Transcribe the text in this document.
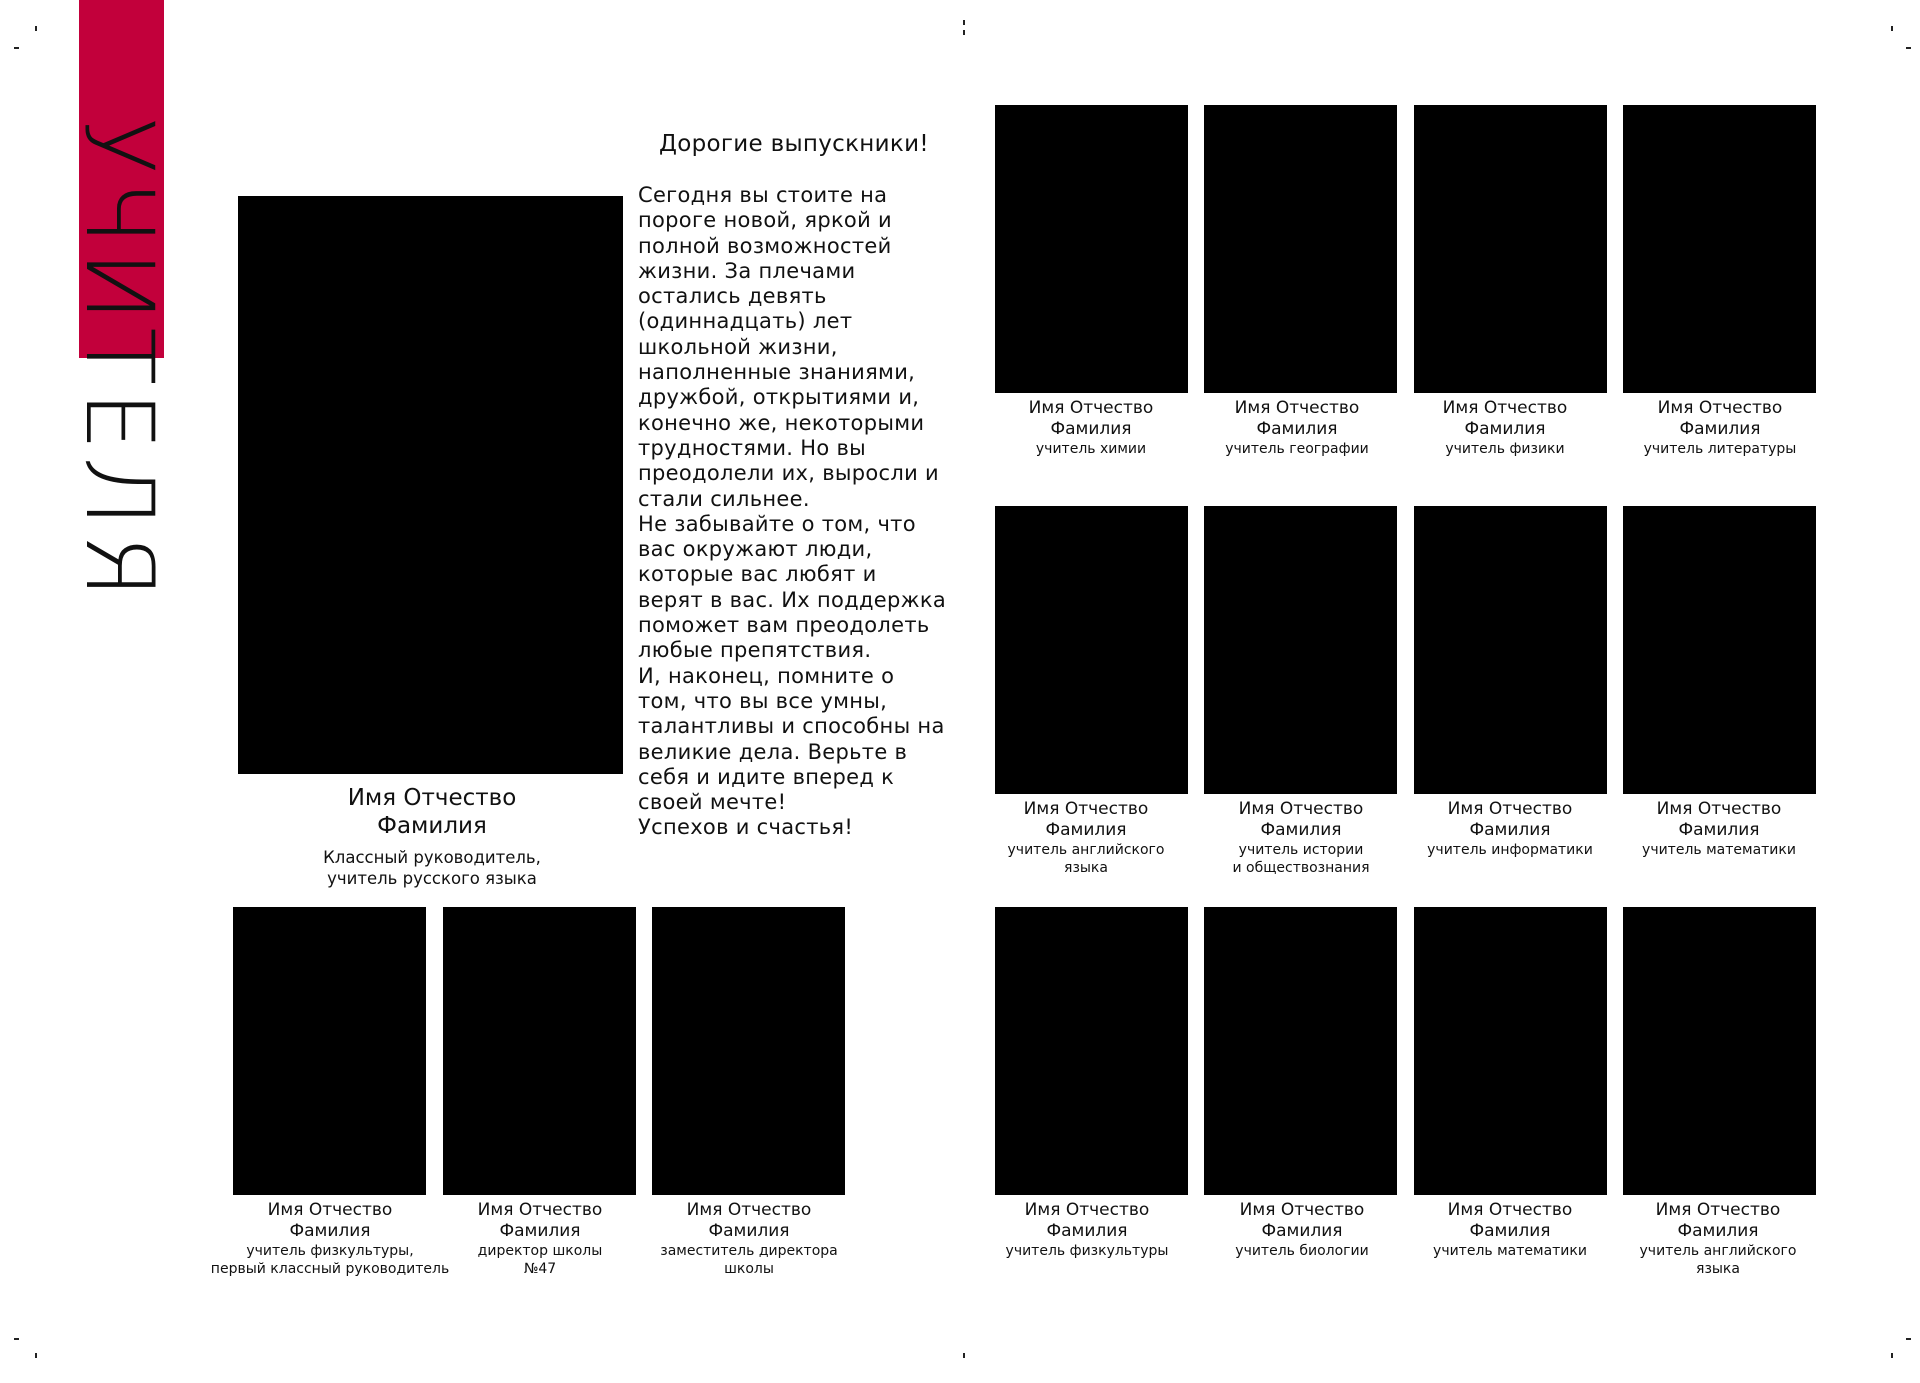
УЧИТЕЛЯ
Имя Отчество
Фамилия
Классный руководитель,
учитель русского языка
Дорогие выпускники!

Сегодня вы стоите на пороге новой, яркой и полной возможностей жизни. За плечами остались девять (одиннадцать) лет школьной жизни, наполненные знаниями, дружбой, открытиями и, конечно же, некоторыми трудностями. Но вы преодолели их, выросли и стали сильнее.

Не забывайте о том, что вас окружают люди, которые вас любят и верят в вас. Их поддержка поможет вам преодолеть любые препятствия.

И, наконец, помните о том, что вы все умны, талантливы и способны на великие дела. Верьте в себя и идите вперед к своей мечте!

Успехов и счастья!

Имя Отчество
Фамилия
учитель физкультуры,
первый классный руководитель
Имя Отчество
Фамилия
директор школы
№47
Имя Отчество
Фамилия
заместитель директора
школы
Имя Отчество
Фамилия
учитель химии
Имя Отчество
Фамилия
учитель географии
Имя Отчество
Фамилия
учитель физики
Имя Отчество
Фамилия
учитель литературы
Имя Отчество
Фамилия
учитель английского
языка
Имя Отчество
Фамилия
учитель истории
и обществознания
Имя Отчество
Фамилия
учитель информатики
Имя Отчество
Фамилия
учитель математики
Имя Отчество
Фамилия
учитель физкультуры
Имя Отчество
Фамилия
учитель биологии
Имя Отчество
Фамилия
учитель математики
Имя Отчество
Фамилия
учитель английского
языка
